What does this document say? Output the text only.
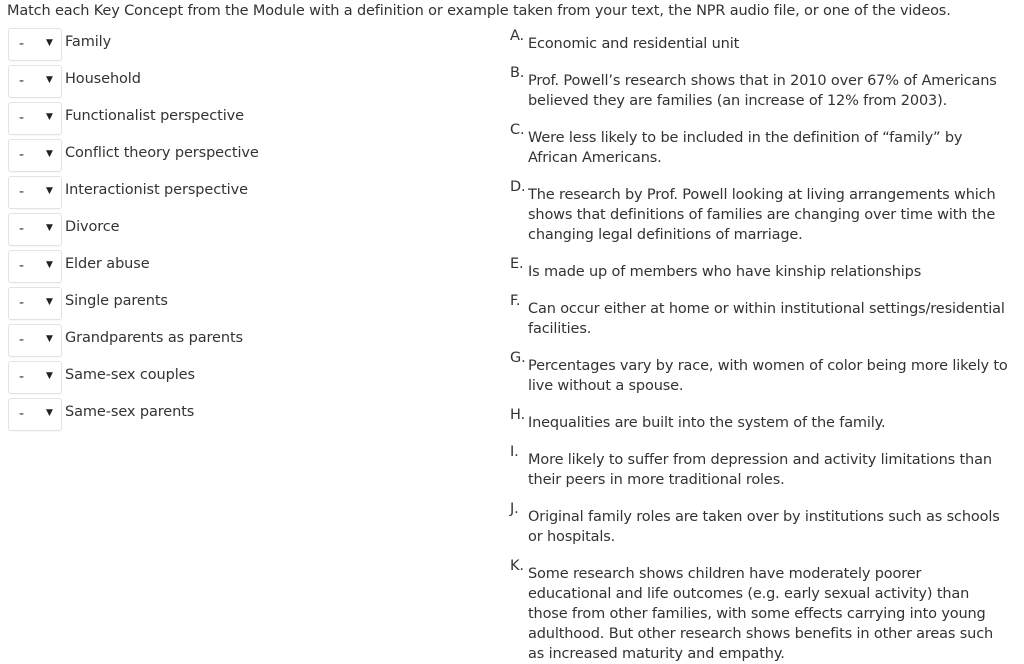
Match each Key Concept from the Module with a definition or example taken from your text, the NPR audio file, or one of the videos.
- ▼ Family
- ▼ Household
- ▼ Functionalist perspective
- ▼ Conflict theory perspective
- ▼ Interactionist perspective
- ▼ Divorce
- ▼ Elder abuse
- ▼ Single parents
- ▼ Grandparents as parents
- ▼ Same-sex couples
- ▼ Same-sex parents
A. Economic and residential unit
B. Prof. Powell’s research shows that in 2010 over 67% of Americans believed they are families (an increase of 12% from 2003).
C. Were less likely to be included in the definition of “family” by African Americans.
D. The research by Prof. Powell looking at living arrangements which shows that definitions of families are changing over time with the changing legal definitions of marriage.
E. Is made up of members who have kinship relationships
F. Can occur either at home or within institutional settings/residential facilities.
G. Percentages vary by race, with women of color being more likely to live without a spouse.
H. Inequalities are built into the system of the family.
I. More likely to suffer from depression and activity limitations than their peers in more traditional roles.
J. Original family roles are taken over by institutions such as schools or hospitals.
K. Some research shows children have moderately poorer educational and life outcomes (e.g. early sexual activity) than those from other families, with some effects carrying into young adulthood. But other research shows benefits in other areas such as increased maturity and empathy.
